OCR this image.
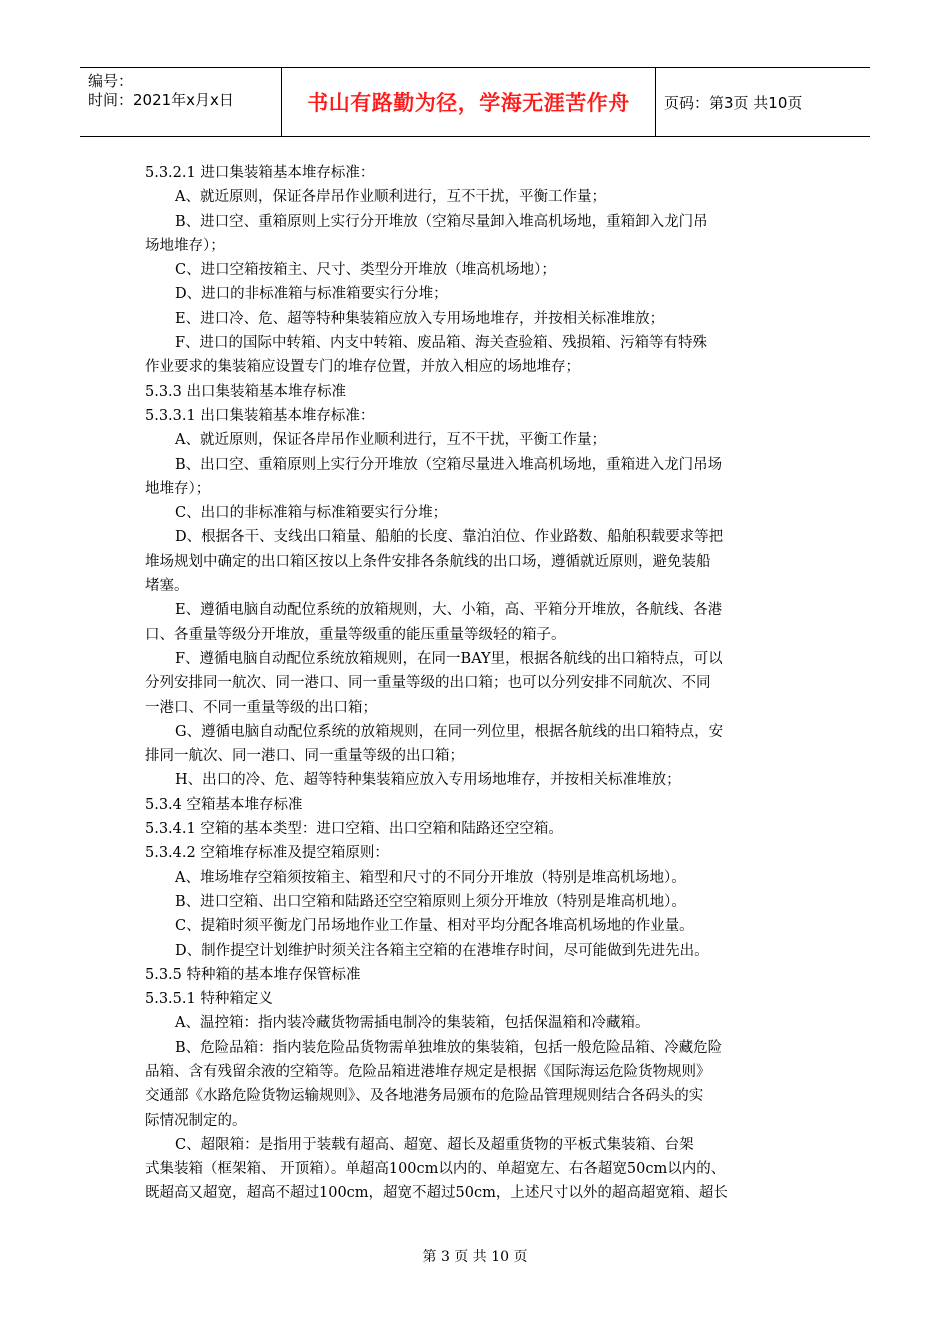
编号：
时间：2021年x月x日	书山有路勤为径，学海无涯苦作舟 页码：第3页 共10页
5.3.2.1 进口集装箱基本堆存标准：
A、就近原则，保证各岸吊作业顺利进行，互不干扰，平衡工作量；
B、进口空、重箱原则上实行分开堆放（空箱尽量卸入堆高机场地，重箱卸入龙门吊
场地堆存）；
C、进口空箱按箱主、尺寸、类型分开堆放（堆高机场地）；
D、进口的非标准箱与标准箱要实行分堆；
E、进口冷、危、超等特种集装箱应放入专用场地堆存，并按相关标准堆放；
F、进口的国际中转箱、内支中转箱、废品箱、海关查验箱、残损箱、污箱等有特殊
作业要求的集装箱应设置专门的堆存位置，并放入相应的场地堆存；
5.3.3 出口集装箱基本堆存标准
5.3.3.1 出口集装箱基本堆存标准：
A、就近原则，保证各岸吊作业顺利进行，互不干扰，平衡工作量；
B、出口空、重箱原则上实行分开堆放（空箱尽量进入堆高机场地，重箱进入龙门吊场
地堆存）；
C、出口的非标准箱与标准箱要实行分堆；
D、根据各干、支线出口箱量、船舶的长度、靠泊泊位、作业路数、船舶积载要求等把
堆场规划中确定的出口箱区按以上条件安排各条航线的出口场，遵循就近原则，避免装船
堵塞。
E、遵循电脑自动配位系统的放箱规则，大、小箱，高、平箱分开堆放，各航线、各港
口、各重量等级分开堆放，重量等级重的能压重量等级轻的箱子。
F、遵循电脑自动配位系统放箱规则，在同一BAY里，根据各航线的出口箱特点，可以
分列安排同一航次、同一港口、同一重量等级的出口箱；也可以分列安排不同航次、不同
一港口、不同一重量等级的出口箱；
G、遵循电脑自动配位系统的放箱规则，在同一列位里，根据各航线的出口箱特点，安
排同一航次、同一港口、同一重量等级的出口箱；
H、出口的冷、危、超等特种集装箱应放入专用场地堆存，并按相关标准堆放；
5.3.4 空箱基本堆存标准
5.3.4.1 空箱的基本类型：进口空箱、出口空箱和陆路还空空箱。
5.3.4.2 空箱堆存标准及提空箱原则：
A、堆场堆存空箱须按箱主、箱型和尺寸的不同分开堆放（特别是堆高机场地）。
B、进口空箱、出口空箱和陆路还空空箱原则上须分开堆放（特别是堆高机地）。
C、提箱时须平衡龙门吊场地作业工作量、相对平均分配各堆高机场地的作业量。
D、制作提空计划维护时须关注各箱主空箱的在港堆存时间，尽可能做到先进先出。
5.3.5 特种箱的基本堆存保管标准
5.3.5.1 特种箱定义
A、温控箱：指内装冷藏货物需插电制冷的集装箱，包括保温箱和冷藏箱。
B、危险品箱：指内装危险品货物需单独堆放的集装箱，包括一般危险品箱、冷藏危险
品箱、含有残留余液的空箱等。危险品箱进港堆存规定是根据《国际海运危险货物规则》
交通部《水路危险货物运输规则》、及各地港务局颁布的危险品管理规则结合各码头的实
际情况制定的。
C、超限箱：是指用于装载有超高、超宽、超长及超重货物的平板式集装箱、台架
式集装箱（框架箱、 开顶箱）。单超高100cm以内的、单超宽左、右各超宽50cm以内的、
既超高又超宽，超高不超过100cm，超宽不超过50cm，上述尺寸以外的超高超宽箱、超长
第 3 页 共 10 页
